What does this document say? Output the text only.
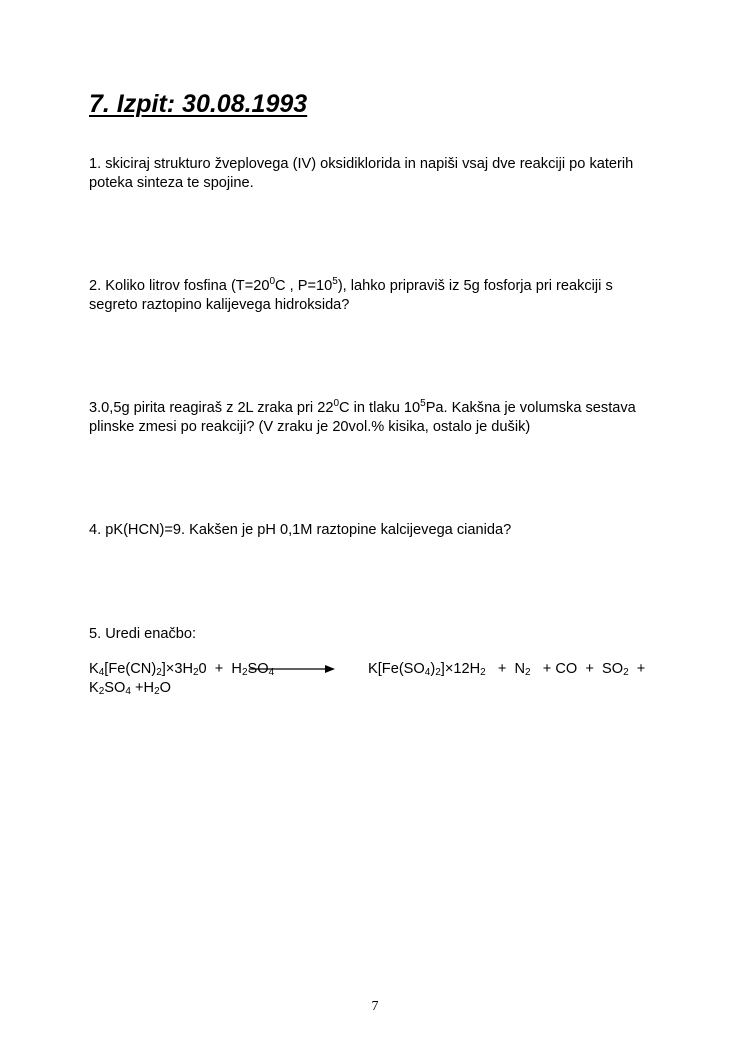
7. Izpit: 30.08.1993
1. skiciraj strukturo žveplovega (IV) oksidiklorida in napiši vsaj dve reakciji po katerih
poteka sinteza te spojine.
2. Koliko litrov fosfina ($T=20^0C$ , $P=10^5$), lahko pripraviš iz 5g fosforja pri reakciji s
segreto raztopino kalijevega hidroksida?
3.0,5g pirita reagiraš z 2L zraka pri $22^0C$ in tlaku $10^5Pa$. Kakšna je volumska sestava
plinske zmesi po reakciji? (V zraku je 20vol.% kisika, ostalo je dušik)
4. pK(HCN)=9. Kakšen je pH 0,1M raztopine kalcijevega cianida?
5. Uredi enačbo:
$K_4[Fe(CN)_2]\times 3H_20 + H_2SO_4$	$K[Fe(SO_4)_2]\times 12H_2 + N_2$   + CO  +  $SO_2$  +
$K_2SO_4 +H_2O$
7
